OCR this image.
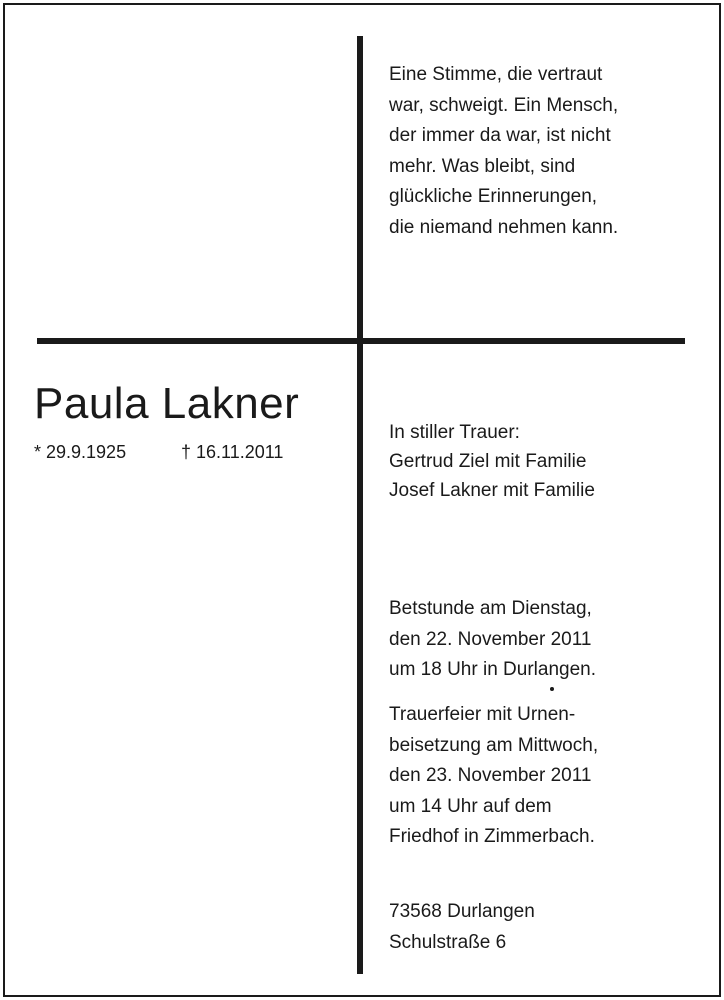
Eine Stimme, die vertraut
war, schweigt. Ein Mensch,
der immer da war, ist nicht
mehr. Was bleibt, sind
glückliche Erinnerungen,
die niemand nehmen kann.
Paula Lakner
* 29.9.1925	† 16.11.2011
In stiller Trauer:
Gertrud Ziel mit Familie
Josef Lakner mit Familie
Betstunde am Dienstag,
den 22. November 2011
um 18 Uhr in Durlangen.
Trauerfeier mit Urnen-
beisetzung am Mittwoch,
den 23. November 2011
um 14 Uhr auf dem
Friedhof in Zimmerbach.
73568 Durlangen
Schulstraße 6
